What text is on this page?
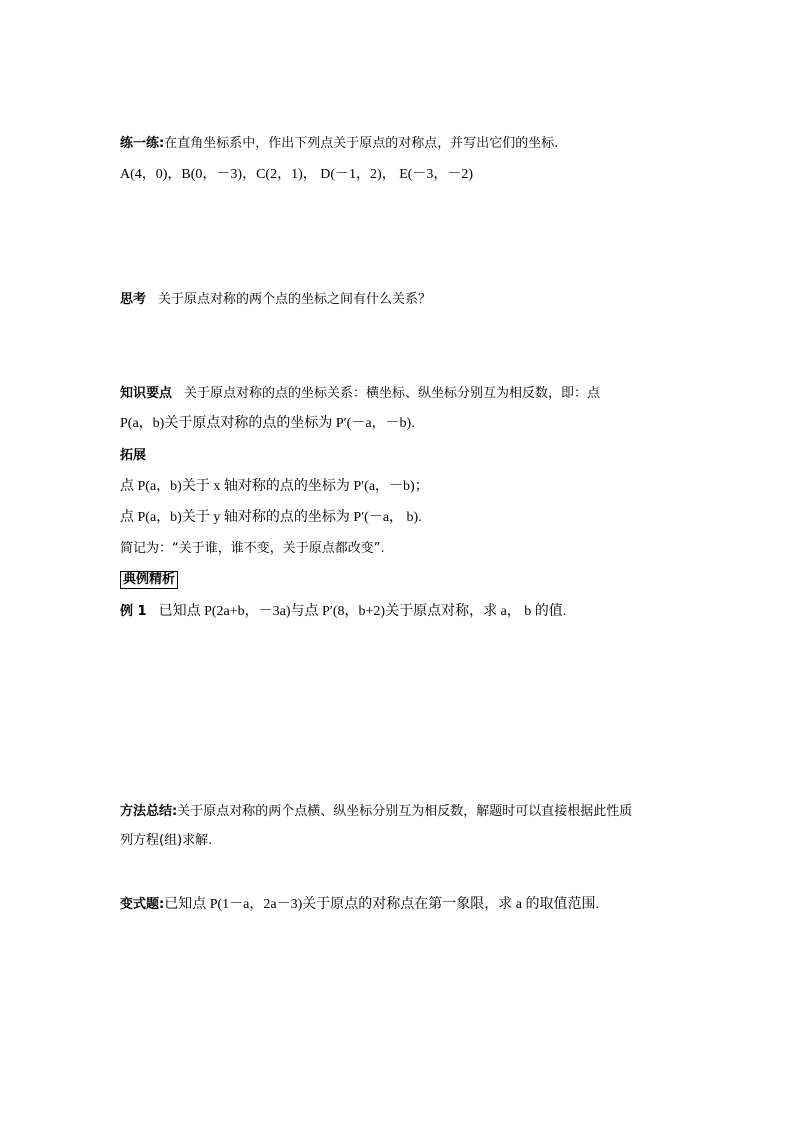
练一练:在直角坐标系中，作出下列点关于原点的对称点，并写出它们的坐标.
A(4，0)，B(0，－3)，C(2，1)， D(－1，2)， E(－3，－2)
思考 关于原点对称的两个点的坐标之间有什么关系？
知识要点 关于原点对称的点的坐标关系：横坐标、纵坐标分别互为相反数，即：点
P(a，b)关于原点对称的点的坐标为 P′(－a，－b).
拓展
点 P(a，b)关于 x 轴对称的点的坐标为 P′(a，－b)；
点 P(a，b)关于 y 轴对称的点的坐标为 P′(－a， b).
简记为：“关于谁，谁不变，关于原点都改变”.
典例精析
例 1 已知点 P(2a+b，－3a)与点 P′(8，b+2)关于原点对称，求 a， b 的值.
方法总结:关于原点对称的两个点横、纵坐标分别互为相反数，解题时可以直接根据此性质
列方程(组)求解.
变式题:已知点 P(1－a，2a－3)关于原点的对称点在第一象限，求 a 的取值范围.
